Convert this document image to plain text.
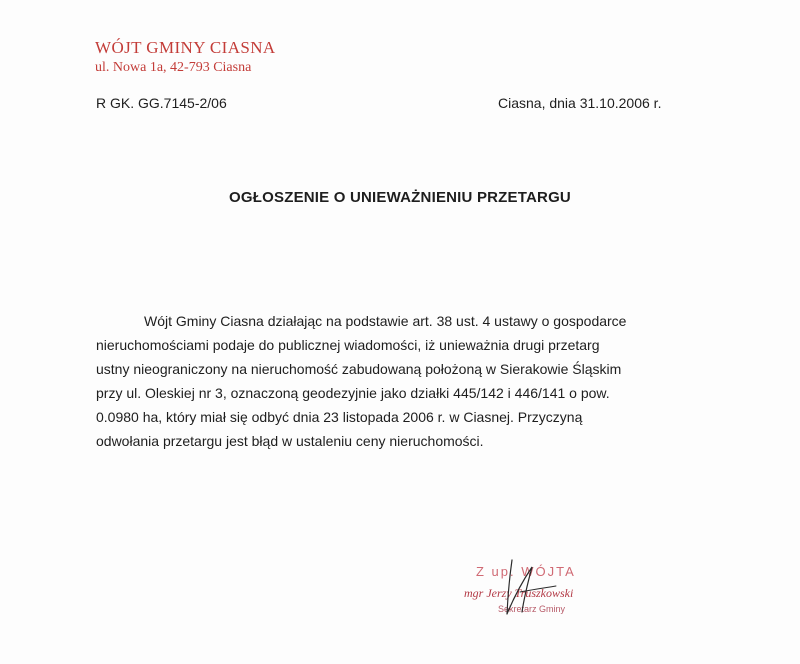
WÓJT GMINY CIASNA
ul. Nowa 1a, 42-793 Ciasna
R GK. GG.7145-2/06	Ciasna, dnia 31.10.2006 r.
OGŁOSZENIE O UNIEWAŻNIENIU PRZETARGU
Wójt Gminy Ciasna działając na podstawie art. 38 ust. 4 ustawy o gospodarce
nieruchomościami podaje do publicznej wiadomości, iż unieważnia drugi przetarg
ustny nieograniczony na nieruchomość zabudowaną położoną w Sierakowie Śląskim
przy ul. Oleskiej nr 3, oznaczoną geodezyjnie jako działki 445/142 i 446/141 o pow.
0.0980 ha, który miał się odbyć dnia 23 listopada 2006 r. w Ciasnej. Przyczyną
odwołania przetargu jest błąd w ustaleniu ceny nieruchomości.
Z up. WÓJTA
mgr Jerzy Truszkowski
Sekretarz Gminy
